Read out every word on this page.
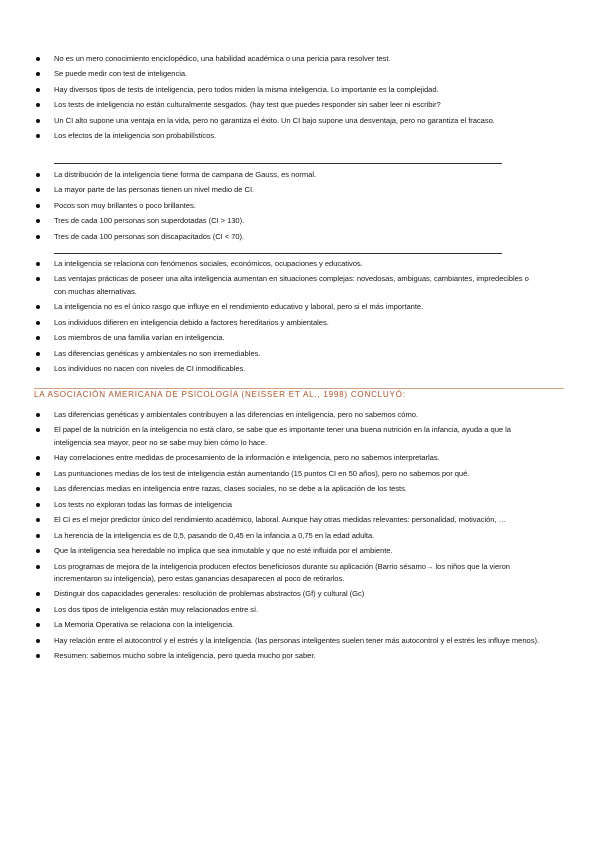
No es un mero conocimiento enciclopédico, una habilidad académica o una pericia para resolver test.
Se puede medir con test de inteligencia.
Hay diversos tipos de tests de inteligencia, pero todos miden la misma inteligencia. Lo importante es la complejidad.
Los tests de inteligencia no están culturalmente sesgados. (hay test que puedes responder sin saber leer ni escribir?
Un CI alto supone una ventaja en la vida, pero no garantiza el éxito. Un CI bajo supone una desventaja, pero no garantiza el fracaso.
Los efectos de la inteligencia son probabilísticos.
La distribución de la inteligencia tiene forma de campana de Gauss, es normal.
La mayor parte de las personas tienen un nivel medio de CI.
Pocos son muy brillantes o poco brillantes.
Tres de cada 100 personas son superdotadas (CI > 130).
Tres de cada 100 personas son discapacitados (CI < 70).
La inteligencia se relaciona con fenómenos sociales, económicos, ocupaciones y educativos.
Las ventajas prácticas de poseer una alta inteligencia aumentan en situaciones complejas: novedosas, ambiguas, cambiantes, impredecibles o con muchas alternativas.
La inteligencia no es el único rasgo que influye en el rendimiento educativo y laboral, pero si el más importante.
Los individuos difieren en inteligencia debido a factores hereditarios y ambientales.
Los miembros de una familia varían en inteligencia.
Las diferencias genéticas y ambientales no son irremediables.
Los individuos no nacen con niveles de CI inmodificables.
LA ASOCIACIÓN AMERICANA DE PSICOLOGÍA (NEISSER ET AL., 1998) CONCLUYÓ:
Las diferencias genéticas y ambientales contribuyen a las diferencias en inteligencia, pero no sabemos cómo.
El papel de la nutrición en la inteligencia no está claro, se sabe que es importante tener una buena nutrición en la infancia, ayuda a que la inteligencia sea mayor, peor no se sabe muy bien cómo lo hace.
Hay correlaciones entre medidas de procesamiento de la información e inteligencia, pero no sabemos interpretarlas.
Las puntuaciones medias de los test de inteligencia están aumentando (15 puntos CI en 50 años), pero no sabemos por qué.
Las diferencias medias en inteligencia entre razas, clases sociales, no se debe a la aplicación de los tests.
Los tests no exploran todas las formas de inteligencia
El CI es el mejor predictor único del rendimiento académico, laboral. Aunque hay otras medidas relevantes: personalidad, motivación, …
La herencia de la inteligencia es de 0,5, pasando de 0,45 en la infancia a 0,75 en la edad adulta.
Que la inteligencia sea heredable no implica que sea inmutable y que no esté influida por el ambiente.
Los programas de mejora de la inteligencia producen efectos beneficiosos durante su aplicación (Barrio sésamo→ los niños que la vieron incrementaron su inteligencia), pero estas ganancias desaparecen al poco de retirarlos.
Distinguir dos capacidades generales: resolución de problemas abstractos (Gf) y cultural (Gc)
Los dos tipos de inteligencia están muy relacionados entre sí.
La Memoria Operativa se relaciona con la inteligencia.
Hay relación entre el autocontrol y el estrés y la inteligencia. (las personas inteligentes suelen tener más autocontrol y el estrés les influye menos).
Resumen: sabemos mucho sobre la inteligencia, pero queda mucho por saber.
